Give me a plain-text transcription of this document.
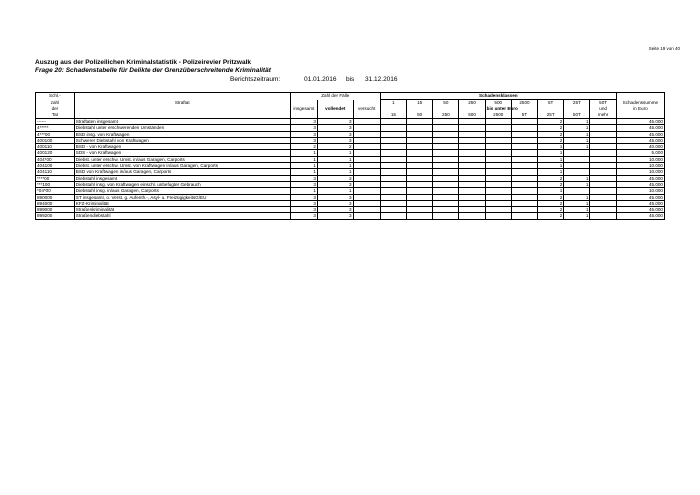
Seite 19 von 40
Auszug aus der Polizeilichen Kriminalstatistik - Polizeirevier Pritzwalk
Frage 20: Schadenstabelle für Delikte der Grenzüberschreitende Kriminalität
Berichtszeitraum:	01.01.2016 bis 31.12.2016
Schl.-		Zahl der Fälle			Schadensklassen									
zahl	Straftat				1	15	50	250	500	2500	5T	25T	50T	Schadenssumme
der		insgesamt	vollendet	versucht					bis unter Euro				und	in Euro
Tat					15	50	250	500	2500	5T	25T	50T	mehr	
------	Straftaten insgesamt	3	3								2	1		45.000
4*****	Diebstahl unter erschwerenden Umständen	3	3								2	1		45.000
4***00	BSD insg. von Kraftwagen	3	3								2	1		45.000
400100	Schwerer Diebstahl von Kraftwagen	3	3								2	1		45.000
400110	BSD - von Kraftwagen	2	2								1	1		40.000
400120	SDS - von Kraftwagen	1	1								1			5.000
404*00	Diebst. unter erschw. Umst. in/aus Garagen, Carports	1	1								1			10.000
404100	Diebst. unter erschw. Umst. von Kraftwagen in/aus Garagen, Carports	1	1								1			10.000
404110	BSD von Kraftwagen in/aus Garagen, Carports	1	1								1			10.000
****00	Diebstahl insgesamt	3	3								2	1		45.000
***100	Diebstahl insg. von Kraftwagen einschl. unbefugter Gebrauch	3	3								2	1		45.000
*04*00	Diebstahl insg. in/aus Garagen, Carports	1	1								1			10.000
890000	ST insgesamt, o. Verst. g. Aufenth.-, Asyl- u. FreizügigkeitsG/EU	3	3								2	1		45.000
894000	KFZ-Kriminalität	3	3								2	1		45.000
899000	Straßenkriminalität	3	3								2	1		45.000
899200	Straßendiebstahl	3	3								2	1		45.000
